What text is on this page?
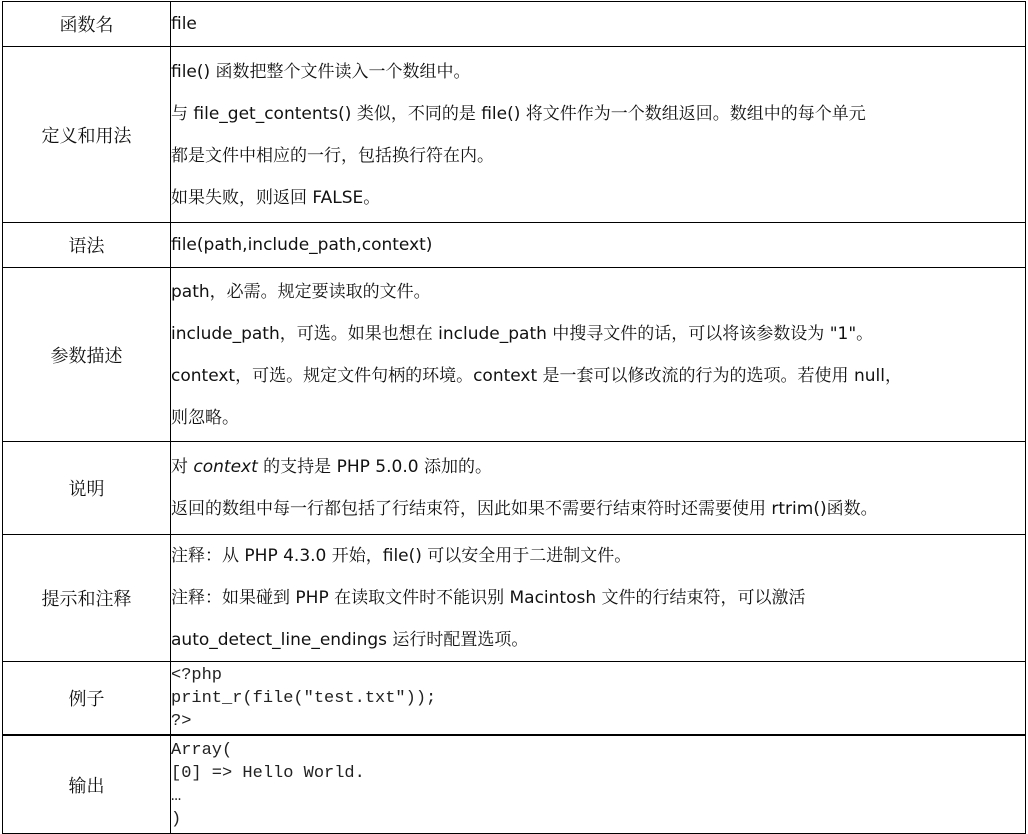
函数名	file

定义和用法	file() 函数把整个文件读入一个数组中。
与 file_get_contents() 类似，不同的是 file() 将文件作为一个数组返回。数组中的每个单元
都是文件中相应的一行，包括换行符在内。
如果失败，则返回 FALSE。

语法	file(path,include_path,context)

参数描述	path，必需。规定要读取的文件。
include_path，可选。如果也想在 include_path 中搜寻文件的话，可以将该参数设为 "1"。
context，可选。规定文件句柄的环境。context 是一套可以修改流的行为的选项。若使用 null，
则忽略。

说明	对 context 的支持是 PHP 5.0.0 添加的。
返回的数组中每一行都包括了行结束符，因此如果不需要行结束符时还需要使用 rtrim()函数。

提示和注释	注释：从 PHP 4.3.0 开始，file() 可以安全用于二进制文件。
注释：如果碰到 PHP 在读取文件时不能识别 Macintosh 文件的行结束符，可以激活
auto_detect_line_endings 运行时配置选项。

例子	<?php
print_r(file("test.txt"));
?>

输出	Array(
[0] => Hello World.
…
)
